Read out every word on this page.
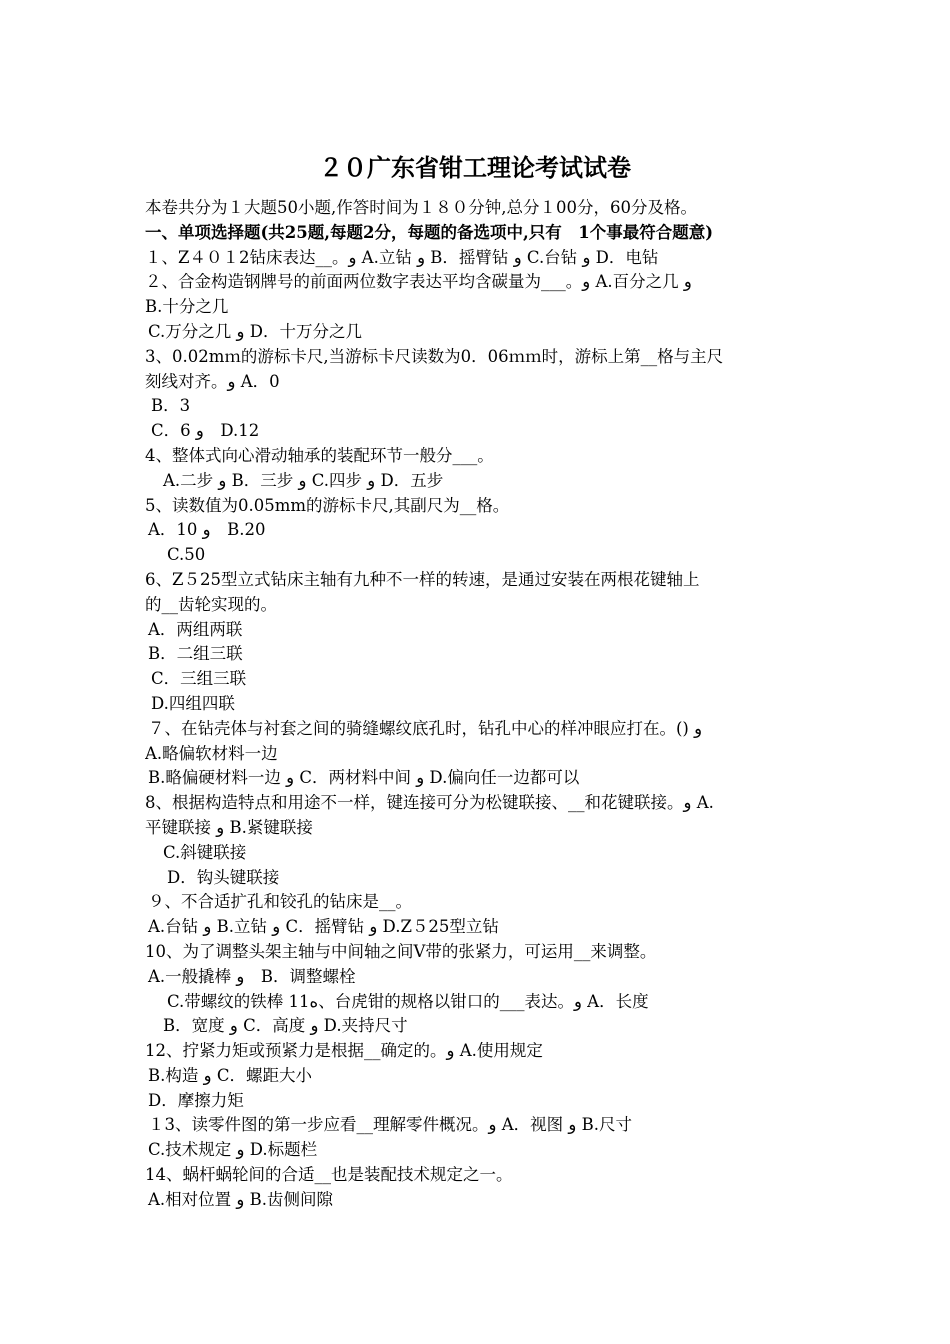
２０广东省钳工理论考试试卷
本卷共分为１大题50小题,作答时间为１８０分钟,总分１00分，60分及格。
一、单项选择题(共25题,每题2分，每题的备选项中,只有　1个事最符合题意)
１、Z４０１2钻床表达__。و A.立钻 و B．摇臂钻 و C.台钻 و D．电钻
２、合金构造钢牌号的前面两位数字表达平均含碳量为___。و A.百分之几 و
B.十分之几
C.万分之几 و D．十万分之几
3、0.02mｍ的游标卡尺,当游标卡尺读数为0．06ｍｍ时，游标上第__格与主尺
刻线对齐。و A．0
B．3
C．6 و　D.12
4、整体式向心滑动轴承的装配环节一般分___。
A.二步 و B．三步 و C.四步 و D．五步
5、读数值为0.05mm的游标卡尺,其副尺为__格。
A．10 و　B.20
C.50
6、Z５25型立式钻床主轴有九种不一样的转速，是通过安装在两根花键轴上
的__齿轮实现的。
A．两组两联
B．二组三联
C．三组三联
D.四组四联
７、在钻壳体与衬套之间的骑缝螺纹底孔时，钻孔中心的样冲眼应打在。() و
A.略偏软材料一边
B.略偏硬材料一边 و C．两材料中间 و D.偏向任一边都可以
8、根据构造特点和用途不一样，键连接可分为松键联接、__和花键联接。و A.
平键联接 و B.紧键联接
C.斜键联接
D．钩头键联接
９、不合适扩孔和铰孔的钻床是__。
A.台钻 و B.立钻 و C．摇臂钻 و D.Z５25型立钻
10、为了调整头架主轴与中间轴之间V带的张紧力，可运用__来调整。
A.一般撬棒 و　B．调整螺栓
C.带螺纹的铁棒 11ه、台虎钳的规格以钳口的___表达。و A．长度
B．宽度 و C．高度 و D.夹持尺寸
12、拧紧力矩或预紧力是根据__确定的。و A.使用规定
B.构造 و C．螺距大小
D．摩擦力矩
１3、读零件图的第一步应看__理解零件概况。و A．视图 و B.尺寸
C.技术规定 و D.标题栏
14、蜗杆蜗轮间的合适__也是装配技术规定之一。
A.相对位置 و B.齿侧间隙
